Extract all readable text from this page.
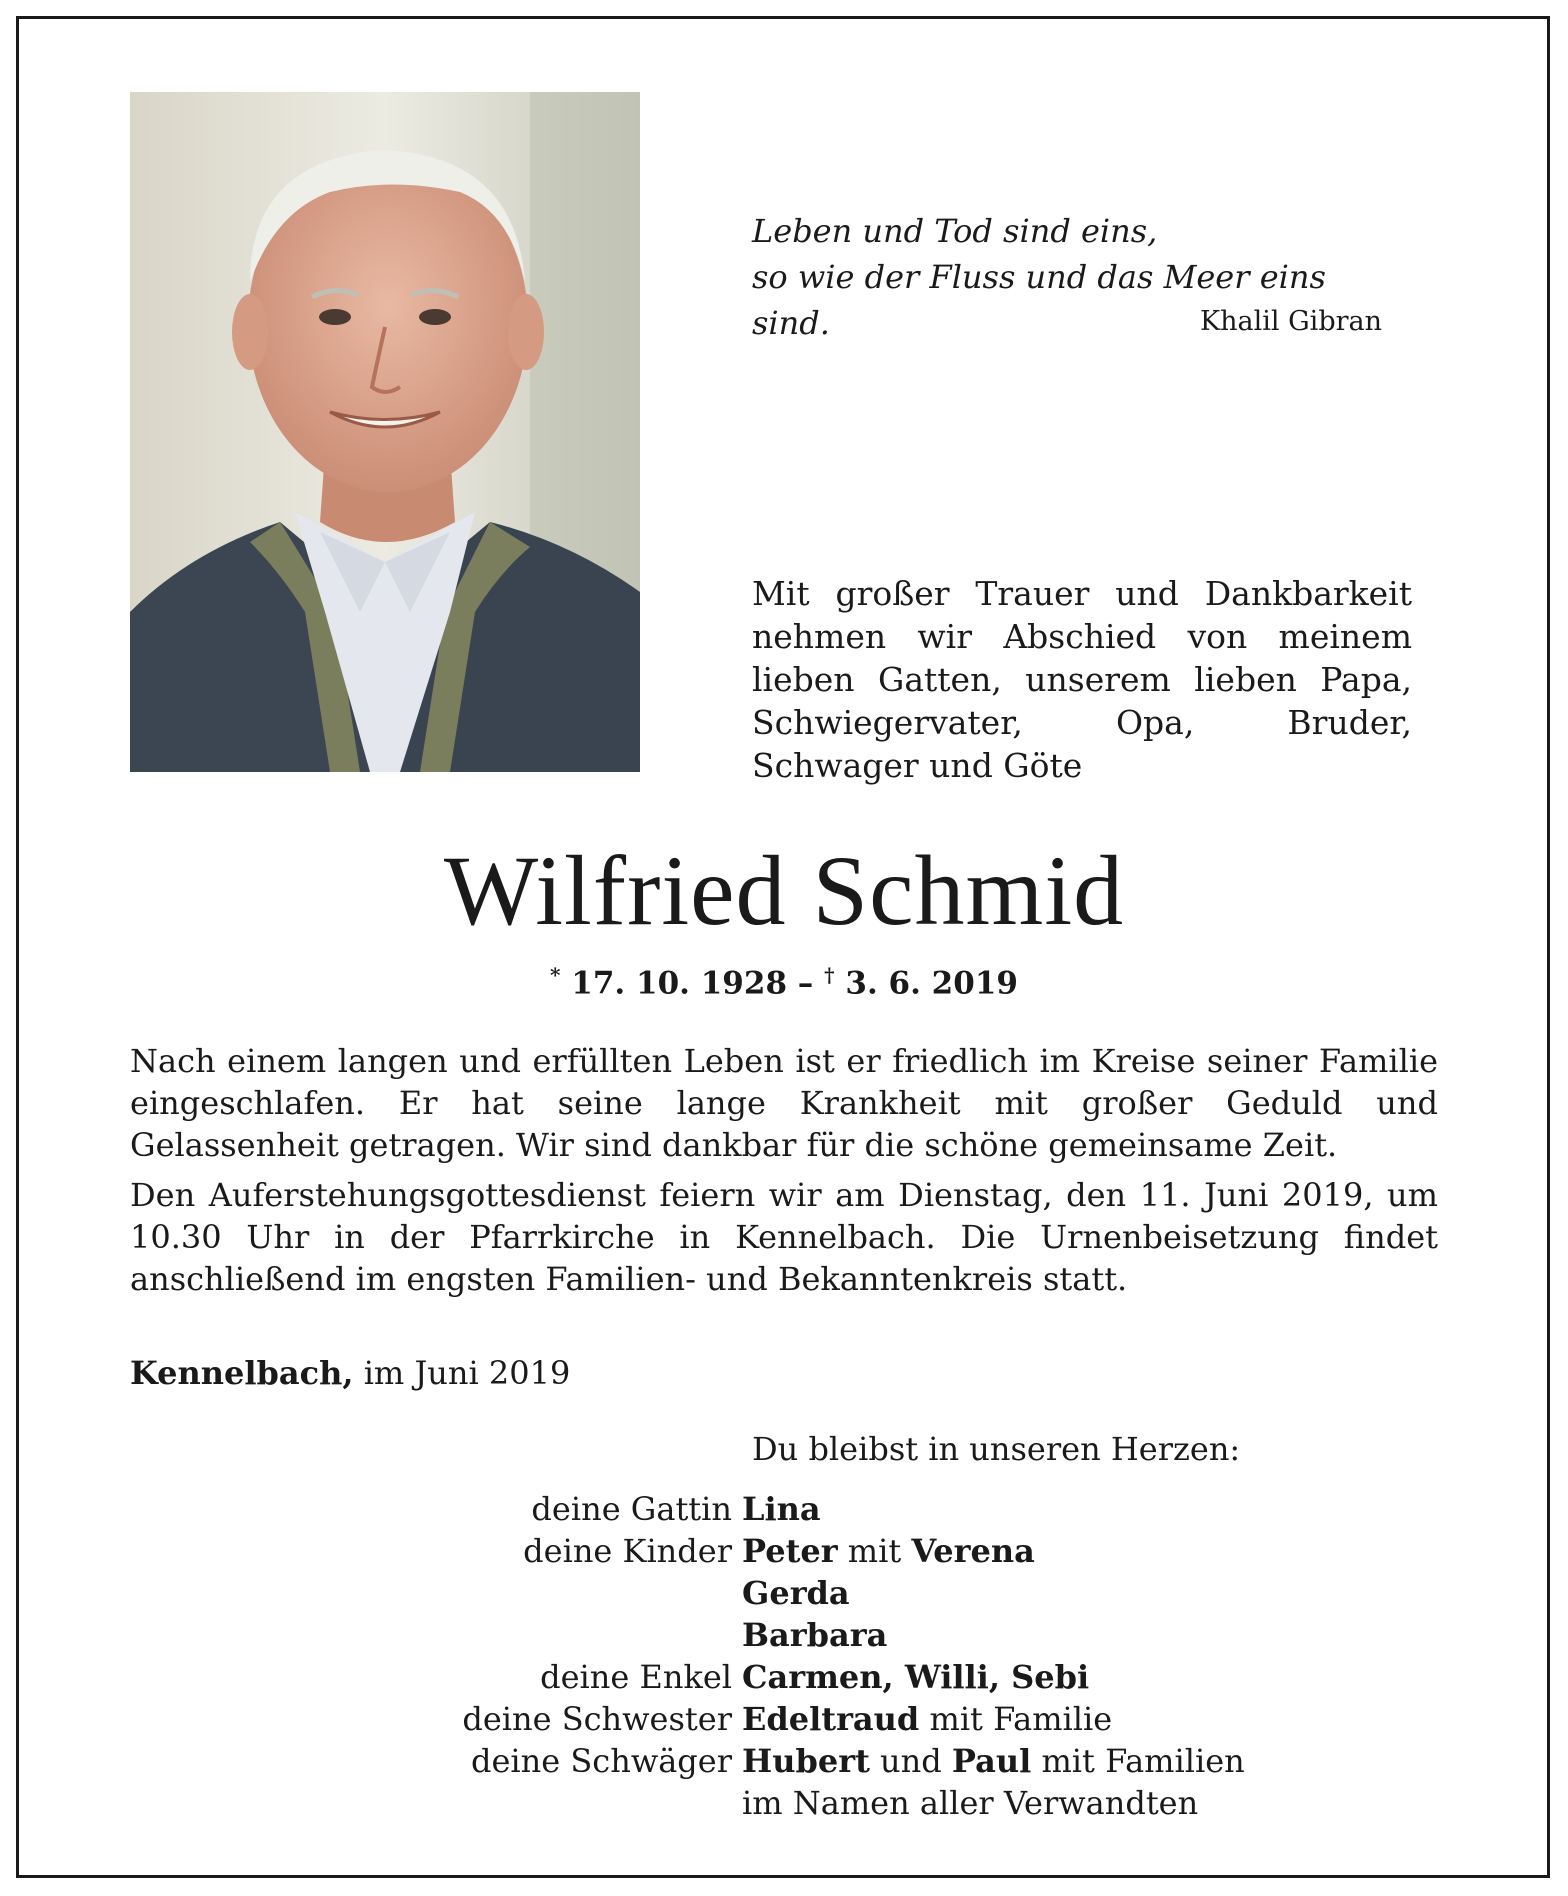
Leben und Tod sind eins,
so wie der Fluss und das Meer eins sind.	Khalil Gibran
Mit großer Trauer und Dankbarkeit nehmen wir Abschied von meinem lieben Gatten, unserem lieben Papa, Schwiegervater, Opa, Bruder, Schwager und Göte
Wilfried Schmid
* 17. 10. 1928 – † 3. 6. 2019

Nach einem langen und erfüllten Leben ist er friedlich im Kreise seiner Familie eingeschlafen. Er hat seine lange Krankheit mit großer Geduld und Gelassenheit getragen. Wir sind dankbar für die schöne gemeinsame Zeit.

Den Auferstehungsgottesdienst feiern wir am Dienstag, den 11. Juni 2019, um 10.30 Uhr in der Pfarrkirche in Kennelbach. Die Urnenbeisetzung findet anschließend im engsten Familien- und Bekanntenkreis statt.

Kennelbach, im Juni 2019
Du bleibst in unseren Herzen:
deine Gattin Lina
deine Kinder Peter mit Verena
Gerda
Barbara
deine Enkel Carmen, Willi, Sebi
deine Schwester Edeltraud mit Familie
deine Schwäger Hubert und Paul mit Familien
im Namen aller Verwandten
